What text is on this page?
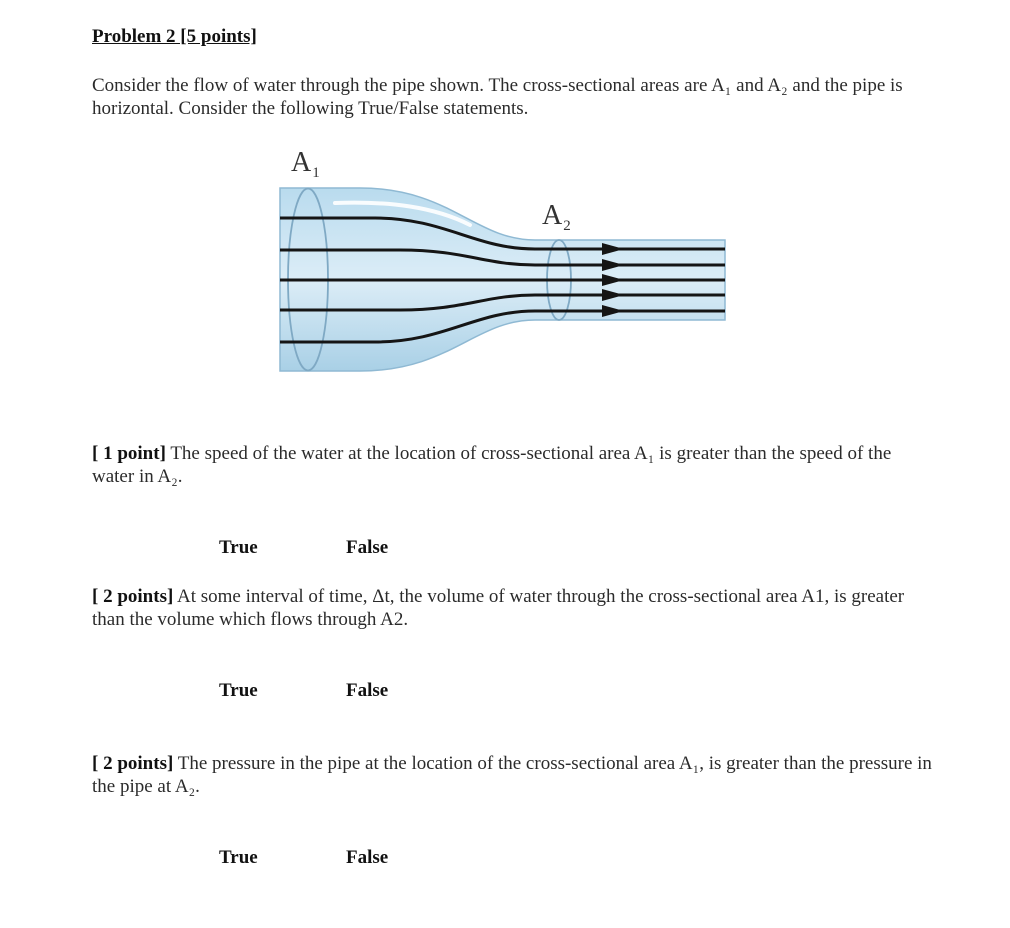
Problem 2 [5 points]
Consider the flow of water through the pipe shown. The cross-sectional areas are A₁ and A₂ and the pipe is horizontal. Consider the following True/False statements.
$A_1$
$A_2$
[ 1 point] The speed of the water at the location of cross-sectional area A₁ is greater than the speed of the water in A₂.
True	False
[ 2 points] At some interval of time, Δt, the volume of water through the cross-sectional area A1, is greater than the volume which flows through A2.
True	False
[ 2 points] The pressure in the pipe at the location of the cross-sectional area A₁, is greater than the pressure in the pipe at A₂.
True	False
